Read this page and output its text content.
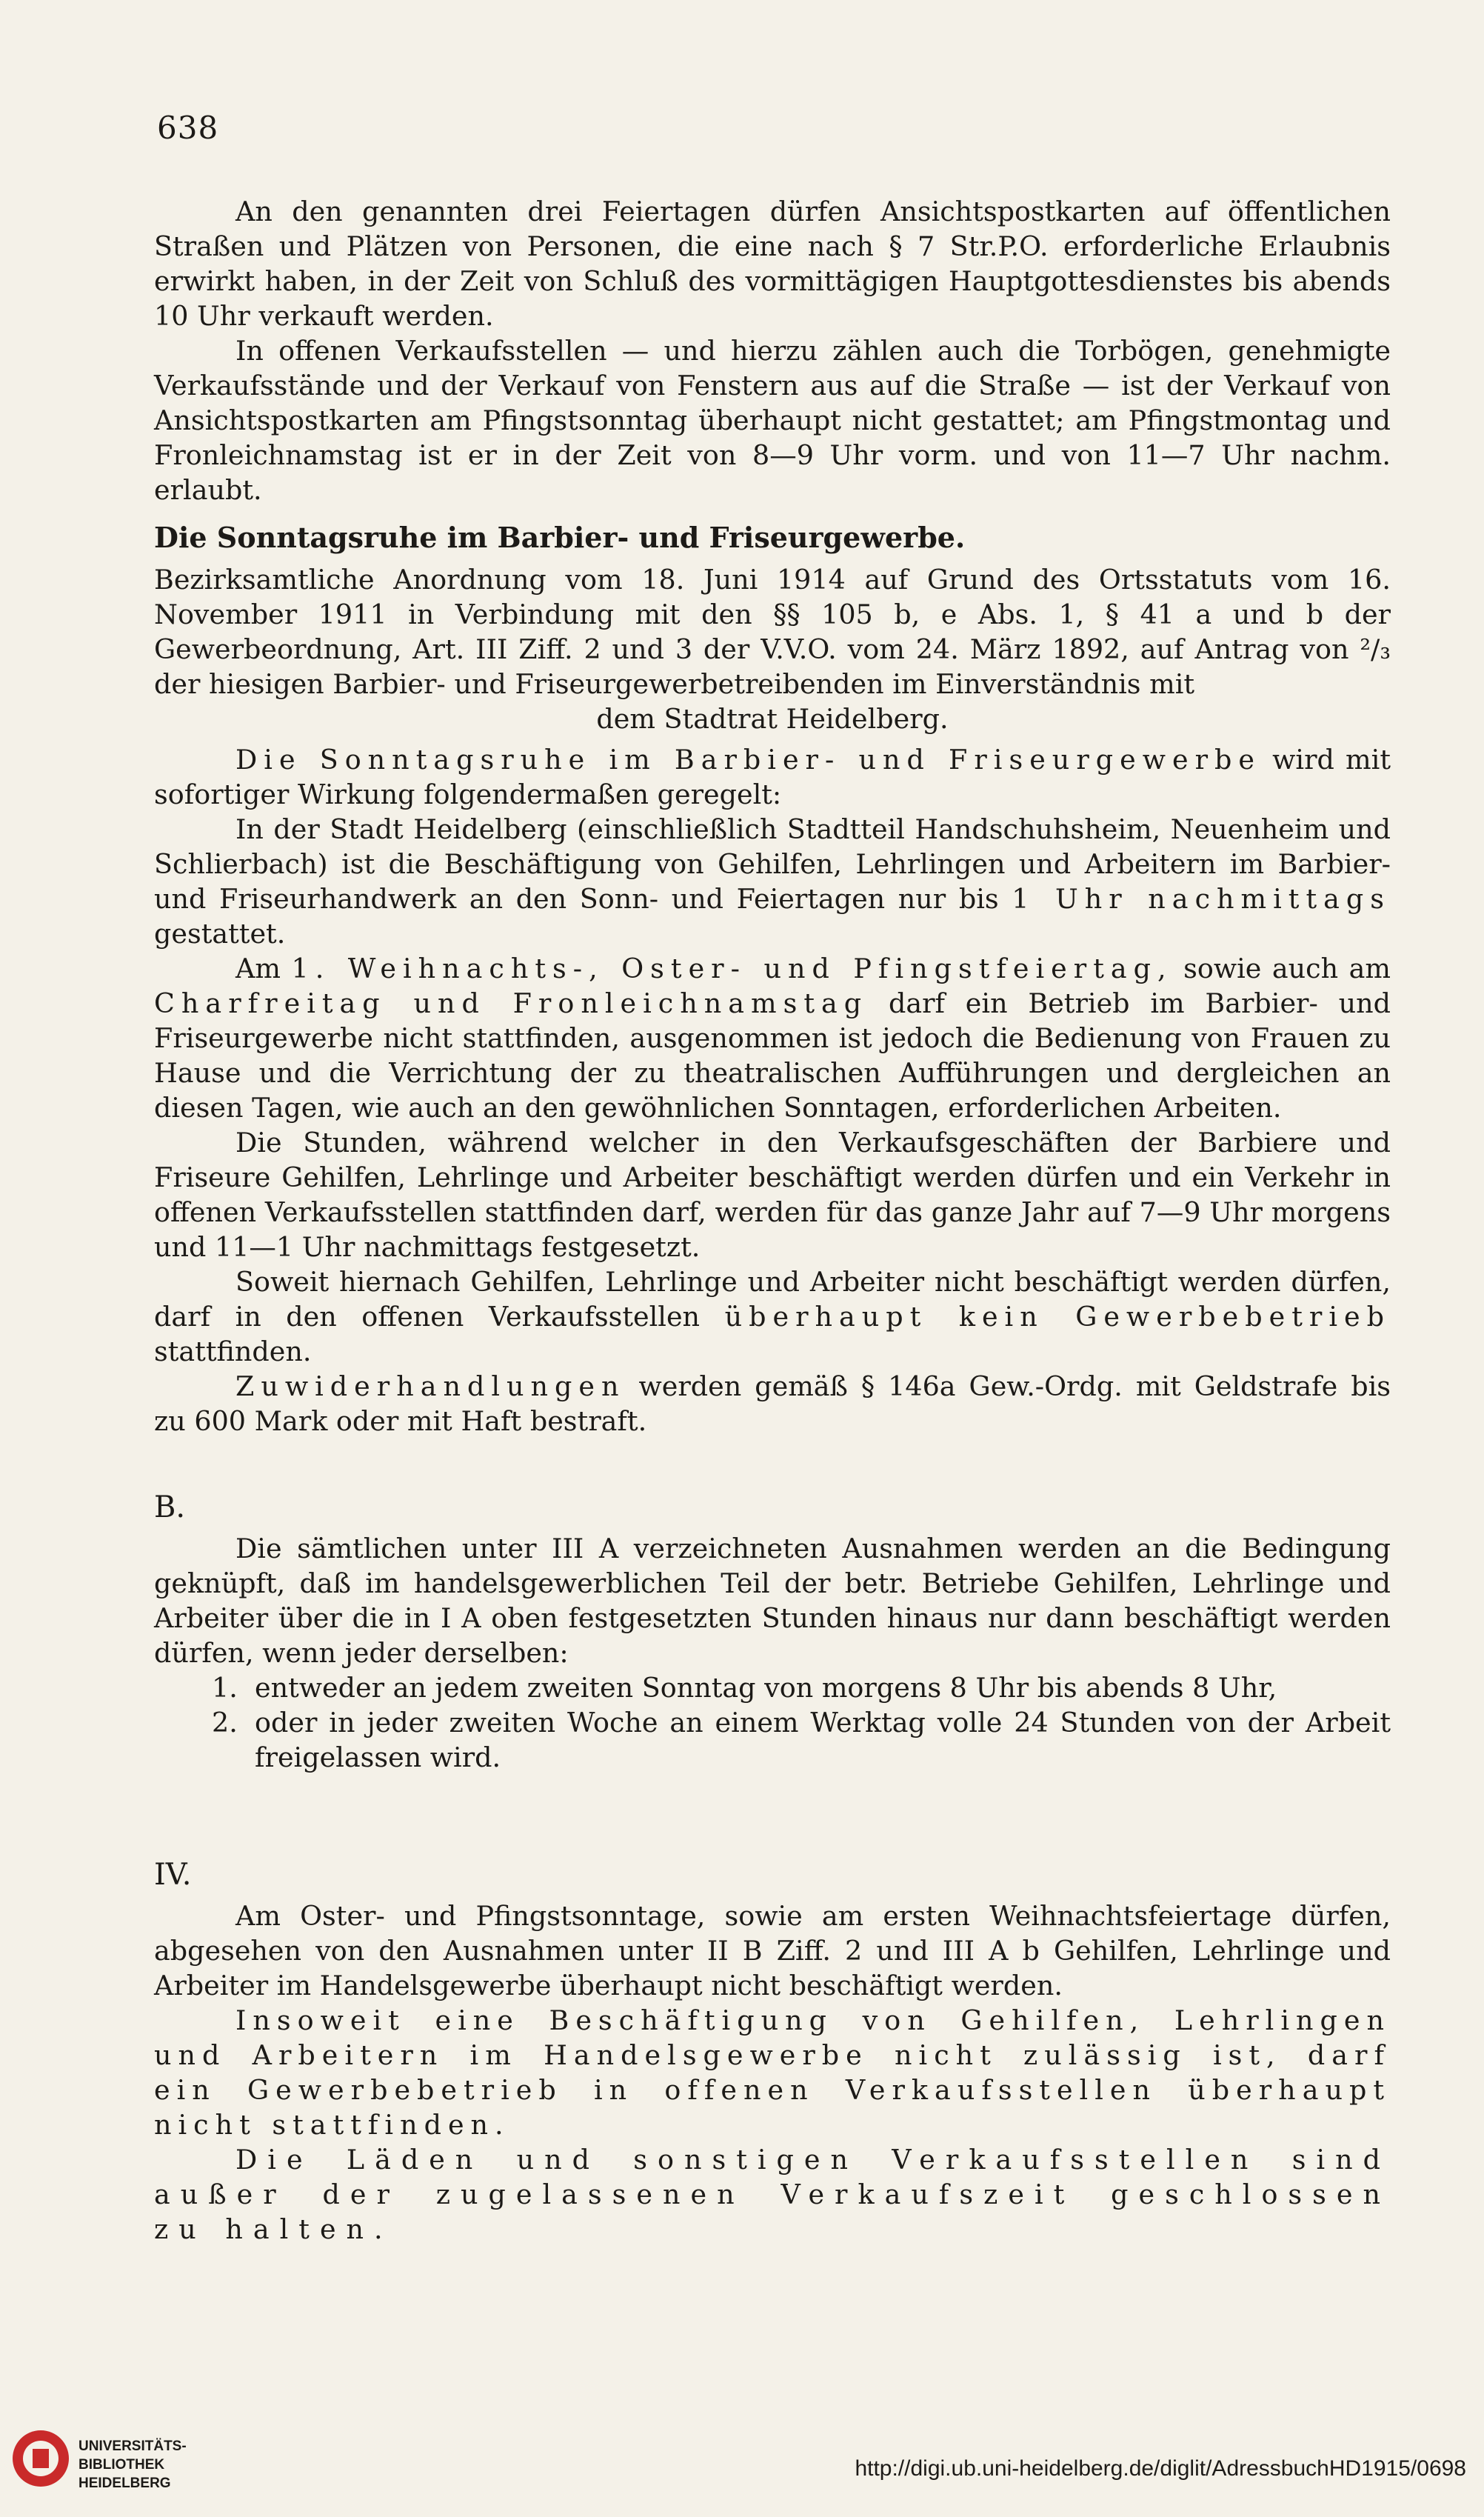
638

An den genannten drei Feiertagen dürfen Ansichtspostkarten auf öffentlichen Straßen und Plätzen von Personen, die eine nach § 7 Str.P.O. erforderliche Erlaubnis erwirkt haben, in der Zeit von Schluß des vormittägigen Hauptgottesdienstes bis abends 10 Uhr verkauft werden.

In offenen Verkaufsstellen — und hierzu zählen auch die Torbögen, genehmigte Verkaufsstände und der Verkauf von Fenstern aus auf die Straße — ist der Verkauf von Ansichtspostkarten am Pfingstsonntag überhaupt nicht gestattet; am Pfingstmontag und Fronleichnamstag ist er in der Zeit von 8—9 Uhr vorm. und von 11—7 Uhr nachm. erlaubt.

Die Sonntagsruhe im Barbier- und Friseurgewerbe.

Bezirksamtliche Anordnung vom 18. Juni 1914 auf Grund des Ortsstatuts vom 16. November 1911 in Verbindung mit den §§ 105 b, e Abs. 1, § 41 a und b der Gewerbeordnung, Art. III Ziff. 2 und 3 der V.V.O. vom 24. März 1892, auf Antrag von ²/₃ der hiesigen Barbier- und Friseurgewerbetreibenden im Einverständnis mit

dem Stadtrat Heidelberg.

Die Sonntagsruhe im Barbier- und Friseurgewerbe wird mit sofortiger Wirkung folgendermaßen geregelt:

In der Stadt Heidelberg (einschließlich Stadtteil Handschuhsheim, Neuenheim und Schlierbach) ist die Beschäftigung von Gehilfen, Lehrlingen und Arbeitern im Barbier- und Friseurhandwerk an den Sonn- und Feiertagen nur bis 1 Uhr nachmittags gestattet.

Am 1. Weihnachts-, Oster- und Pfingstfeiertag, sowie auch am Charfreitag und Fronleichnamstag darf ein Betrieb im Barbier- und Friseurgewerbe nicht stattfinden, ausgenommen ist jedoch die Bedienung von Frauen zu Hause und die Verrichtung der zu theatralischen Aufführungen und dergleichen an diesen Tagen, wie auch an den gewöhnlichen Sonntagen, erforderlichen Arbeiten.

Die Stunden, während welcher in den Verkaufsgeschäften der Barbiere und Friseure Gehilfen, Lehrlinge und Arbeiter beschäftigt werden dürfen und ein Verkehr in offenen Verkaufsstellen stattfinden darf, werden für das ganze Jahr auf 7—9 Uhr morgens und 11—1 Uhr nachmittags festgesetzt.

Soweit hiernach Gehilfen, Lehrlinge und Arbeiter nicht beschäftigt werden dürfen, darf in den offenen Verkaufsstellen überhaupt kein Gewerbebetrieb stattfinden.

Zuwiderhandlungen werden gemäß § 146a Gew.-Ordg. mit Geldstrafe bis zu 600 Mark oder mit Haft bestraft.

B.

Die sämtlichen unter III A verzeichneten Ausnahmen werden an die Bedingung geknüpft, daß im handelsgewerblichen Teil der betr. Betriebe Gehilfen, Lehrlinge und Arbeiter über die in I A oben festgesetzten Stunden hinaus nur dann beschäftigt werden dürfen, wenn jeder derselben:

1. entweder an jedem zweiten Sonntag von morgens 8 Uhr bis abends 8 Uhr,
2. oder in jeder zweiten Woche an einem Werktag volle 24 Stunden von der Arbeit freigelassen wird.

IV.

Am Oster- und Pfingstsonntage, sowie am ersten Weihnachtsfeiertage dürfen, abgesehen von den Ausnahmen unter II B Ziff. 2 und III A b Gehilfen, Lehrlinge und Arbeiter im Handelsgewerbe überhaupt nicht beschäftigt werden.

Insoweit eine Beschäftigung von Gehilfen, Lehrlingen und Arbeitern im Handelsgewerbe nicht zulässig ist, darf ein Gewerbebetrieb in offenen Verkaufsstellen überhaupt nicht stattfinden.

Die Läden und sonstigen Verkaufsstellen sind außer der zugelassenen Verkaufszeit geschlossen zu halten.

UNIVERSITÄTS-
BIBLIOTHEK
HEIDELBERG
http://digi.ub.uni-heidelberg.de/diglit/AdressbuchHD1915/0698
